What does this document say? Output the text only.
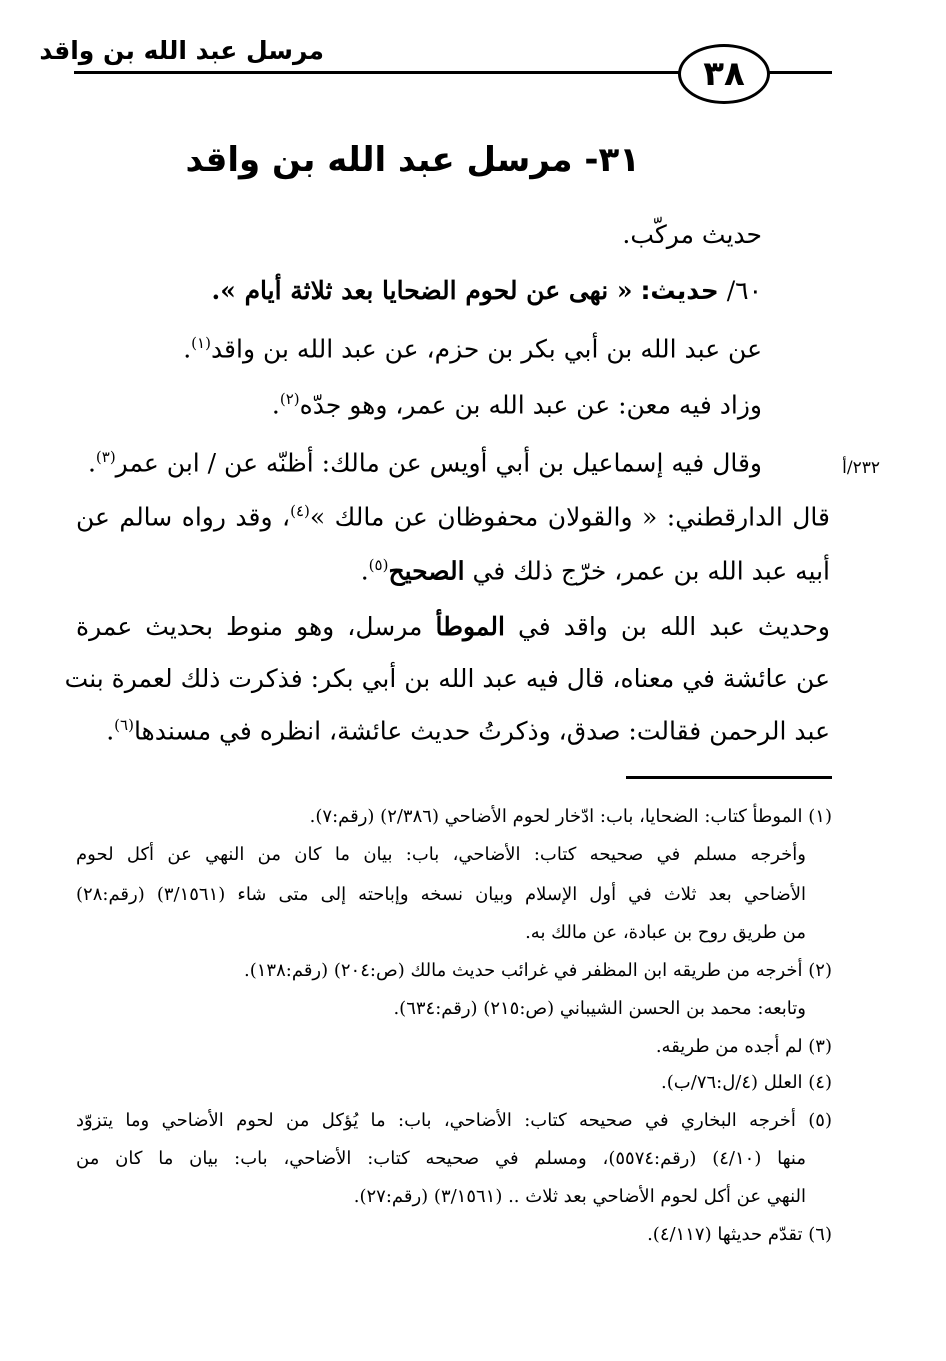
مرسل عبد الله بن واقد
٣٨
٣١- مرسل عبد الله بن واقد
حديث مركّب.
٦٠/ حديث: « نهى عن لحوم الضحايا بعد ثلاثة أيام ».
عن عبد الله بن أبي بكر بن حزم، عن عبد الله بن واقد$^{(١)}$.
وزاد فيه معن: عن عبد الله بن عمر، وهو جدّه$^{(٢)}$.
وقال فيه إسماعيل بن أبي أويس عن مالك: أظنّه عن / ابن عمر$^{(٣)}$.	٢٣٢/أ
قال الدارقطني: « والقولان محفوظان عن مالك »$^{(٤)}$، وقد رواه سالم عن
أبيه عبد الله بن عمر، خرّج ذلك في الصحيح$^{(٥)}$.
وحديث عبد الله بن واقد في الموطأ مرسل، وهو منوط بحديث عمرة
عن عائشة في معناه، قال فيه عبد الله بن أبي بكر: فذكرت ذلك لعمرة بنت
عبد الرحمن فقالت: صدق، وذكرتُ حديث عائشة، انظره في مسندها$^{(٦)}$.
(١) الموطأ كتاب: الضحايا، باب: ادّخار لحوم الأضاحي (٢/٣٨٦) (رقم:٧).
وأخرجه مسلم في صحيحه كتاب: الأضاحي، باب: بيان ما كان من النهي عن أكل لحوم
الأضاحي بعد ثلاث في أول الإسلام وبيان نسخه وإباحته إلى متى شاء (٣/١٥٦١) (رقم:٢٨)
من طريق روح بن عبادة، عن مالك به.
(٢) أخرجه من طريقه ابن المظفر في غرائب حديث مالك (ص:٢٠٤) (رقم:١٣٨).
وتابعه: محمد بن الحسن الشيباني (ص:٢١٥) (رقم:٦٣٤).
(٣) لم أجده من طريقه.
(٤) العلل (٤/ل:٧٦/ب).
(٥) أخرجه البخاري في صحيحه كتاب: الأضاحي، باب: ما يُؤكل من لحوم الأضاحي وما يتزوّد
منها (٤/١٠) (رقم:٥٥٧٤)، ومسلم في صحيحه كتاب: الأضاحي، باب: بيان ما كان من
النهي عن أكل لحوم الأضاحي بعد ثلاث .. (٣/١٥٦١) (رقم:٢٧).
(٦) تقدّم حديثها (٤/١١٧).
